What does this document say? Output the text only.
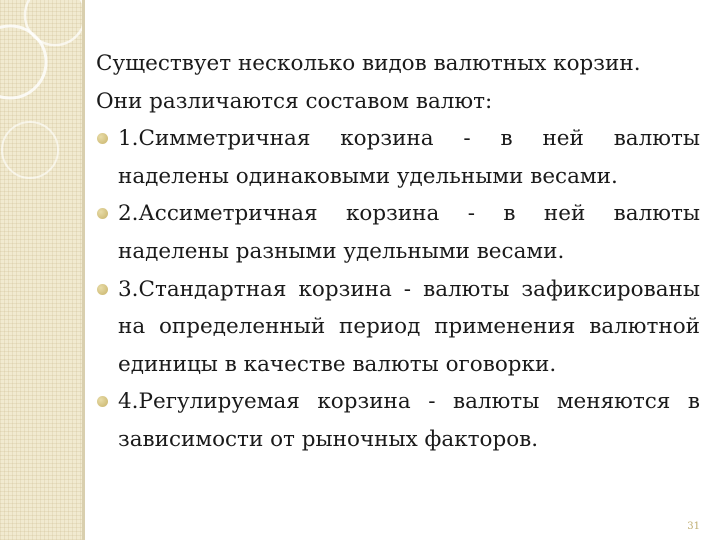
Существует несколько видов валютных корзин.
Они различаются составом валют:
1.Симметричная корзина - в ней валюты наделены одинаковыми удельными весами.
2.Ассиметричная корзина - в ней валюты наделены разными удельными весами.
3.Стандартная корзина - валюты зафиксированы на определенный период применения валютной единицы в качестве валюты оговорки.
4.Регулируемая корзина - валюты меняются в зависимости от рыночных факторов.
31
